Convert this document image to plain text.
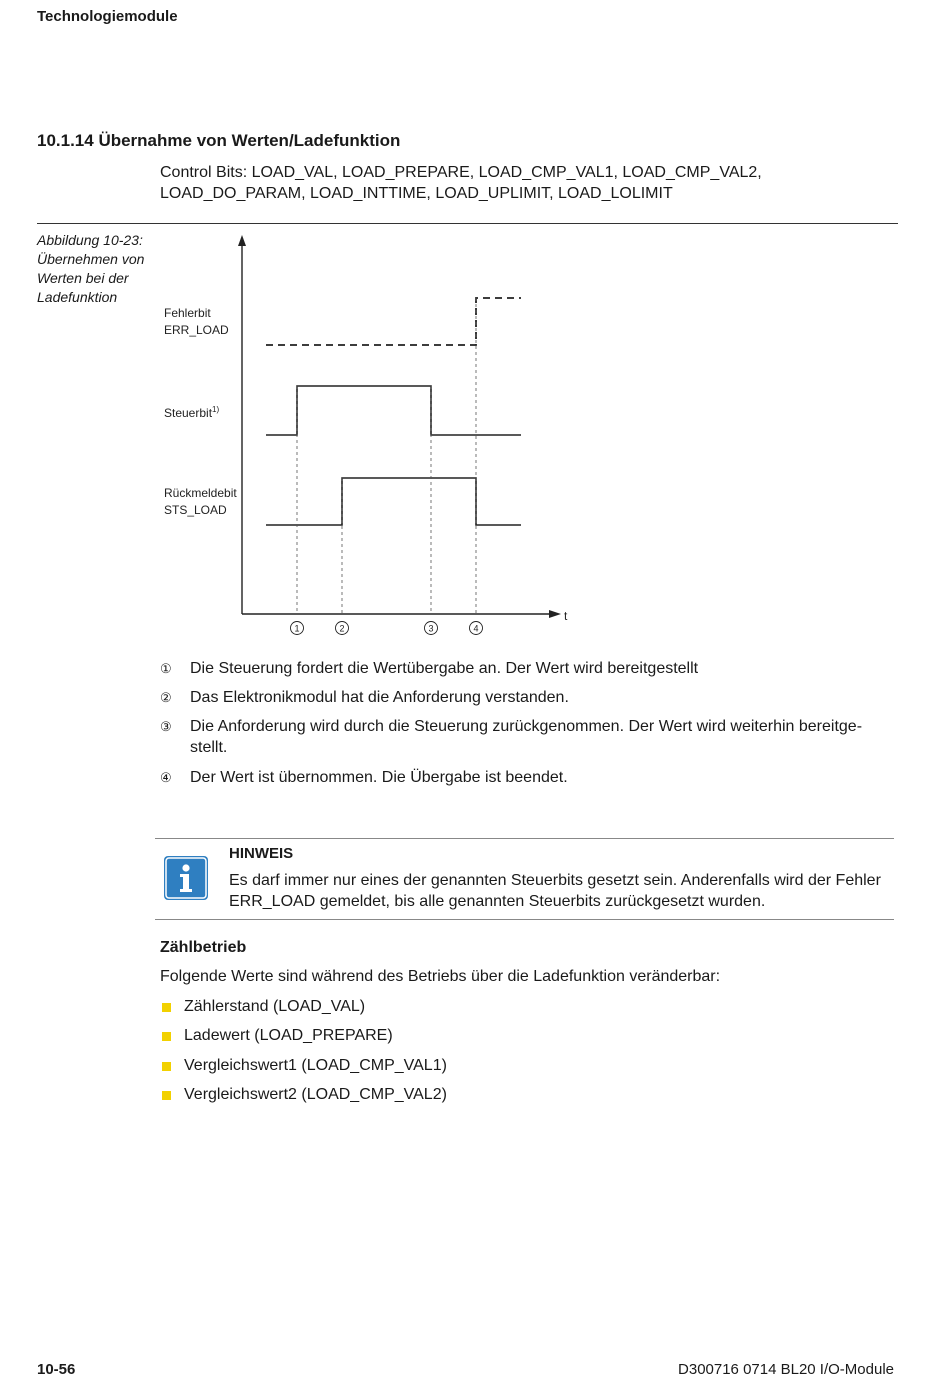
Technologiemodule
10.1.14 Übernahme von Werten/Ladefunktion
Control Bits: LOAD_VAL, LOAD_PREPARE, LOAD_CMP_VAL1, LOAD_CMP_VAL2, LOAD_DO_PARAM, LOAD_INTTIME, LOAD_UPLIMIT, LOAD_LOLIMIT
Abbildung 10-23: Übernehmen von Werten bei der Ladefunktion
Fehlerbit
ERR_LOAD
Steuerbit$^{1)}$
Rückmeldebit
STS_LOAD
t
1	2	3	4
① Die Steuerung fordert die Wertübergabe an. Der Wert wird bereitgestellt
② Das Elektronikmodul hat die Anforderung verstanden.
③ Die Anforderung wird durch die Steuerung zurückgenommen. Der Wert wird weiterhin bereitge-stellt.
④ Der Wert ist übernommen. Die Übergabe ist beendet.
HINWEIS
Es darf immer nur eines der genannten Steuerbits gesetzt sein. Anderenfalls wird der Fehler ERR_LOAD gemeldet, bis alle genannten Steuerbits zurückgesetzt wurden.
Zählbetrieb
Folgende Werte sind während des Betriebs über die Ladefunktion veränderbar:
Zählerstand (LOAD_VAL)
Ladewert (LOAD_PREPARE)
Vergleichswert1 (LOAD_CMP_VAL1)
Vergleichswert2 (LOAD_CMP_VAL2)
10-56	D300716 0714 BL20 I/O-Module
